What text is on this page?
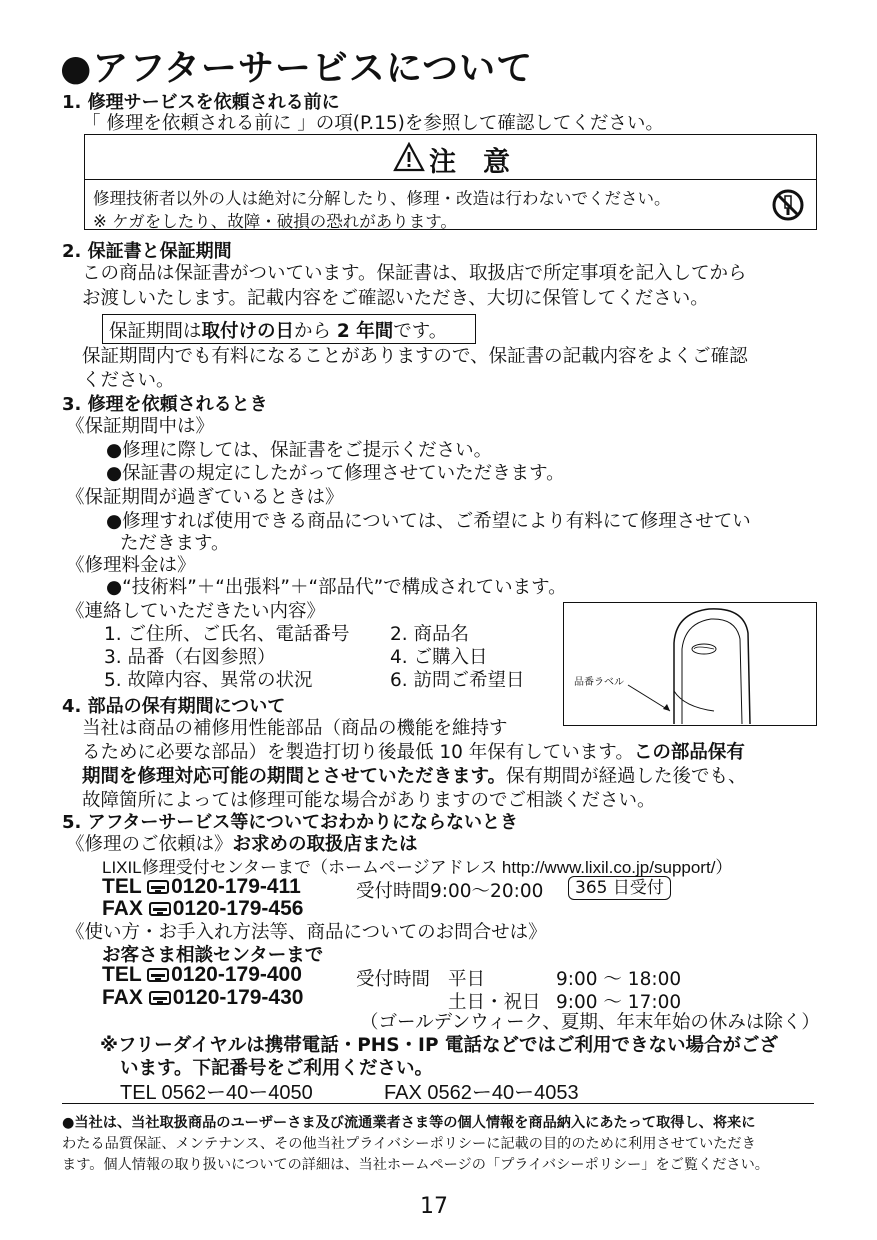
●アフターサービスについて
1. 修理サービスを依頼される前に
「 修理を依頼される前に 」の項(P.15)を参照して確認してください。
注　意
修理技術者以外の人は絶対に分解したり、修理・改造は行わないでください。
※ ケガをしたり、故障・破損の恐れがあります。
2. 保証書と保証期間
この商品は保証書がついています。保証書は、取扱店で所定事項を記入してから
お渡しいたします。記載内容をご確認いただき、大切に保管してください。
保証期間は取付けの日から 2 年間です。
保証期間内でも有料になることがありますので、保証書の記載内容をよくご確認
ください。
3. 修理を依頼されるとき
《保証期間中は》
●修理に際しては、保証書をご提示ください。
●保証書の規定にしたがって修理させていただきます。
《保証期間が過ぎているときは》
●修理すれば使用できる商品については、ご希望により有料にて修理させてい
ただきます。
《修理料金は》
●“技術料”＋“出張料”＋“部品代”で構成されています。
《連絡していただきたい内容》
1. ご住所、ご氏名、電話番号 2. 商品名
3. 品番（右図参照）	4. ご購入日
5. 故障内容、異常の状況	6. 訪問ご希望日	品番ラベル
4. 部品の保有期間について
当社は商品の補修用性能部品（商品の機能を維持す
るために必要な部品）を製造打切り後最低 10 年保有しています。この部品保有
期間を修理対応可能の期間とさせていただきます。保有期間が経過した後でも、
故障箇所によっては修理可能な場合がありますのでご相談ください。
5. アフターサービス等についておわかりにならないとき
《修理のご依頼は》お求めの取扱店または
LIXIL修理受付センターまで（ホームページアドレス http://www.lixil.co.jp/support/）
TEL 0120-179-411	受付時間9:00～20:00	365 日受付
FAX 0120-179-456
《使い方・お手入れ方法等、商品についてのお問合せは》
お客さま相談センターまで
TEL 0120-179-400	受付時間 平日	9:00 ～ 18:00
FAX 0120-179-430	土日・祝日 9:00 ～ 17:00
（ゴールデンウィーク、夏期、年末年始の休みは除く）
※フリーダイヤルは携帯電話・PHS・IP 電話などではご利用できない場合がござ
います。下記番号をご利用ください。
TEL 0562ー40ー4050	FAX 0562ー40ー4053
●当社は、当社取扱商品のユーザーさま及び流通業者さま等の個人情報を商品納入にあたって取得し、将来に
わたる品質保証、メンテナンス、その他当社プライバシーポリシーに記載の目的のために利用させていただき
ます。個人情報の取り扱いについての詳細は、当社ホームページの「プライバシーポリシー」をご覧ください。
17
